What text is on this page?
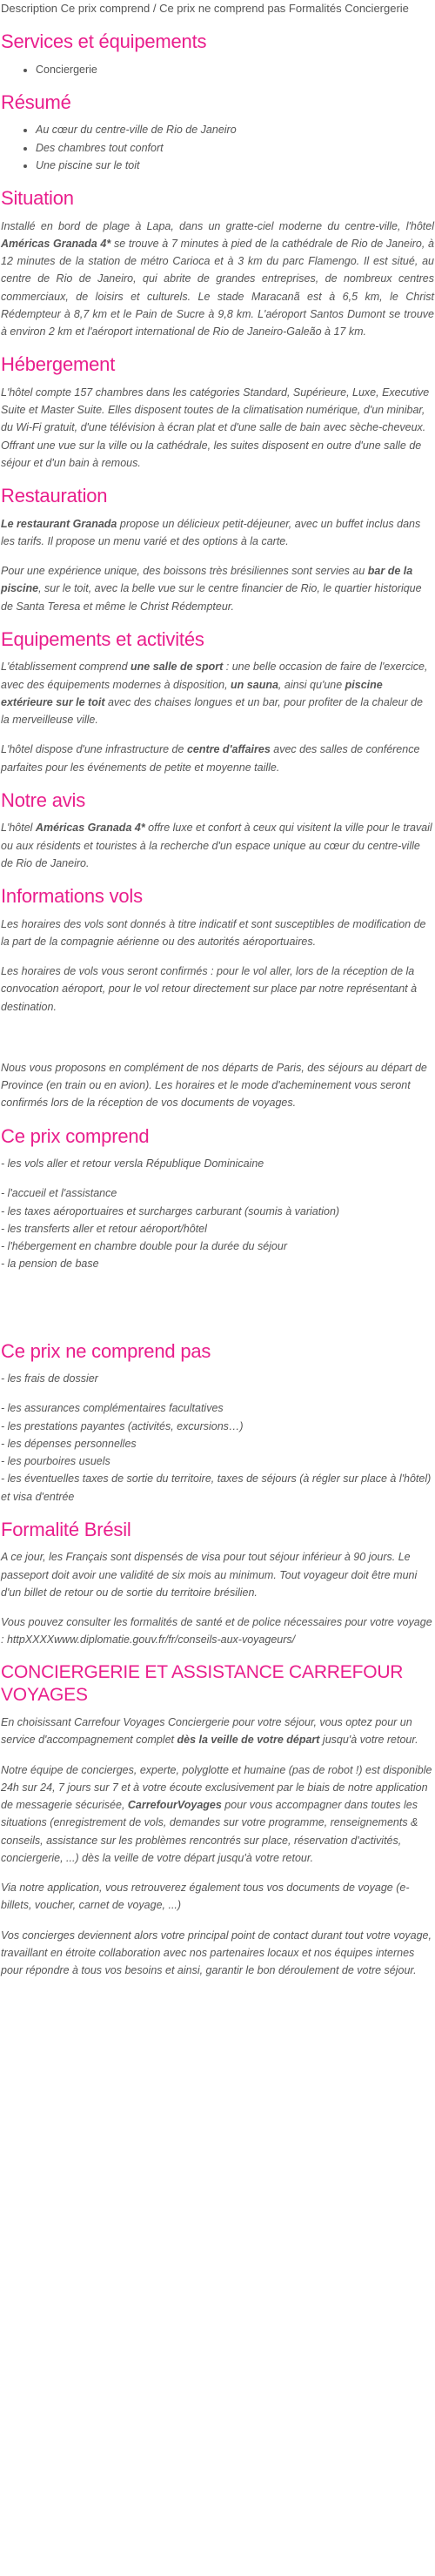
Description Ce prix comprend / Ce prix ne comprend pas Formalités Conciergerie

Services et équipements
• Conciergerie
Résumé
• Au cœur du centre-ville de Rio de Janeiro
• Des chambres tout confort
• Une piscine sur le toit
Situation

Installé en bord de plage à Lapa, dans un gratte-ciel moderne du centre-ville, l'hôtel Américas Granada 4* se trouve à 7 minutes à pied de la cathédrale de Rio de Janeiro, à 12 minutes de la station de métro Carioca et à 3 km du parc Flamengo. Il est situé, au centre de Rio de Janeiro, qui abrite de grandes entreprises, de nombreux centres commerciaux, de loisirs et culturels. Le stade Maracanã est à 6,5 km, le Christ Rédempteur à 8,7 km et le Pain de Sucre à 9,8 km. L'aéroport Santos Dumont se trouve à environ 2 km et l'aéroport international de Rio de Janeiro-Galeão à 17 km.

Hébergement

L'hôtel compte 157 chambres dans les catégories Standard, Supérieure, Luxe, Executive Suite et Master Suite. Elles disposent toutes de la climatisation numérique, d'un minibar, du Wi-Fi gratuit, d'une télévision à écran plat et d'une salle de bain avec sèche-cheveux. Offrant une vue sur la ville ou la cathédrale, les suites disposent en outre d'une salle de séjour et d'un bain à remous.

Restauration

Le restaurant Granada propose un délicieux petit-déjeuner, avec un buffet inclus dans les tarifs. Il propose un menu varié et des options à la carte.

Pour une expérience unique, des boissons très brésiliennes sont servies au bar de la piscine, sur le toit, avec la belle vue sur le centre financier de Rio, le quartier historique de Santa Teresa et même le Christ Rédempteur.

Equipements et activités

L'établissement comprend une salle de sport : une belle occasion de faire de l'exercice, avec des équipements modernes à disposition, un sauna, ainsi qu'une piscine extérieure sur le toit avec des chaises longues et un bar, pour profiter de la chaleur de la merveilleuse ville.

L'hôtel dispose d'une infrastructure de centre d'affaires avec des salles de conférence parfaites pour les événements de petite et moyenne taille.

Notre avis

L'hôtel Américas Granada 4* offre luxe et confort à ceux qui visitent la ville pour le travail ou aux résidents et touristes à la recherche d'un espace unique au cœur du centre-ville de Rio de Janeiro.

Informations vols

Les horaires des vols sont donnés à titre indicatif et sont susceptibles de modification de la part de la compagnie aérienne ou des autorités aéroportuaires.

Les horaires de vols vous seront confirmés : pour le vol aller, lors de la réception de la convocation aéroport, pour le vol retour directement sur place par notre représentant à destination.

Nous vous proposons en complément de nos départs de Paris, des séjours au départ de Province (en train ou en avion). Les horaires et le mode d'acheminement vous seront confirmés lors de la réception de vos documents de voyages.

Ce prix comprend

- les vols aller et retour versla République Dominicaine

- l'accueil et l'assistance

- les taxes aéroportuaires et surcharges carburant (soumis à variation)

- les transferts aller et retour aéroport/hôtel

- l'hébergement en chambre double pour la durée du séjour

- la pension de base

Ce prix ne comprend pas

- les frais de dossier

- les assurances complémentaires facultatives

- les prestations payantes (activités, excursions…)

- les dépenses personnelles

- les pourboires usuels

- les éventuelles taxes de sortie du territoire, taxes de séjours (à régler sur place à l'hôtel) et visa d'entrée

Formalité Brésil

A ce jour, les Français sont dispensés de visa pour tout séjour inférieur à 90 jours. Le passeport doit avoir une validité de six mois au minimum. Tout voyageur doit être muni d'un billet de retour ou de sortie du territoire brésilien.

Vous pouvez consulter les formalités de santé et de police nécessaires pour votre voyage : httpXXXXwww.diplomatie.gouv.fr/fr/conseils-aux-voyageurs/

CONCIERGERIE ET ASSISTANCE CARREFOUR VOYAGES

En choisissant Carrefour Voyages Conciergerie pour votre séjour, vous optez pour un service d'accompagnement complet dès la veille de votre départ jusqu'à votre retour.

Notre équipe de concierges, experte, polyglotte et humaine (pas de robot !) est disponible 24h sur 24, 7 jours sur 7 et à votre écoute exclusivement par le biais de notre application de messagerie sécurisée, CarrefourVoyages pour vous accompagner dans toutes les situations (enregistrement de vols, demandes sur votre programme, renseignements & conseils, assistance sur les problèmes rencontrés sur place, réservation d'activités, conciergerie, ...) dès la veille de votre départ jusqu'à votre retour.

Via notre application, vous retrouverez également tous vos documents de voyage (e-billets, voucher, carnet de voyage, ...)

Vos concierges deviennent alors votre principal point de contact durant tout votre voyage, travaillant en étroite collaboration avec nos partenaires locaux et nos équipes internes pour répondre à tous vos besoins et ainsi, garantir le bon déroulement de votre séjour.
